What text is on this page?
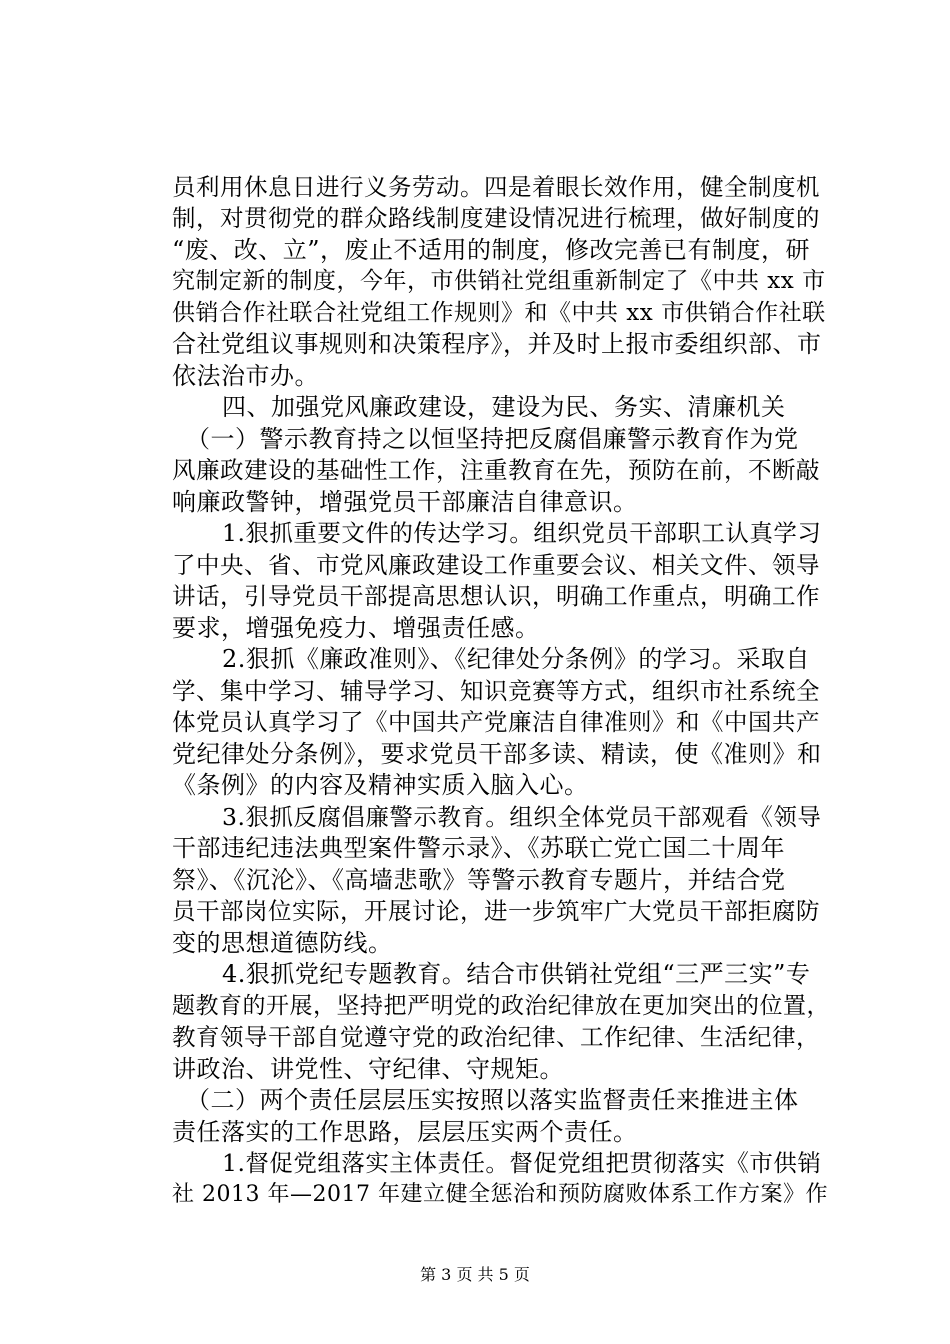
员利用休息日进行义务劳动。四是着眼长效作用，健全制度机
制，对贯彻党的群众路线制度建设情况进行梳理，做好制度的
“废、改、立”，废止不适用的制度，修改完善已有制度，研
究制定新的制度，今年，市供销社党组重新制定了《中共 xx 市
供销合作社联合社党组工作规则》和《中共 xx 市供销合作社联
合社党组议事规则和决策程序》，并及时上报市委组织部、市
依法治市办。
四、加强党风廉政建设，建设为民、务实、清廉机关
（一）警示教育持之以恒坚持把反腐倡廉警示教育作为党
风廉政建设的基础性工作，注重教育在先，预防在前，不断敲
响廉政警钟，增强党员干部廉洁自律意识。
1.狠抓重要文件的传达学习。组织党员干部职工认真学习
了中央、省、市党风廉政建设工作重要会议、相关文件、领导
讲话，引导党员干部提高思想认识，明确工作重点，明确工作
要求，增强免疫力、增强责任感。
2.狠抓《廉政准则》、《纪律处分条例》的学习。采取自
学、集中学习、辅导学习、知识竞赛等方式，组织市社系统全
体党员认真学习了《中国共产党廉洁自律准则》和《中国共产
党纪律处分条例》，要求党员干部多读、精读，使《准则》和
《条例》的内容及精神实质入脑入心。
3.狠抓反腐倡廉警示教育。组织全体党员干部观看《领导
干部违纪违法典型案件警示录》、《苏联亡党亡国二十周年
祭》、《沉沦》、《高墙悲歌》等警示教育专题片，并结合党
员干部岗位实际，开展讨论，进一步筑牢广大党员干部拒腐防
变的思想道德防线。
4.狠抓党纪专题教育。结合市供销社党组“三严三实”专
题教育的开展，坚持把严明党的政治纪律放在更加突出的位置，
教育领导干部自觉遵守党的政治纪律、工作纪律、生活纪律，
讲政治、讲党性、守纪律、守规矩。
（二）两个责任层层压实按照以落实监督责任来推进主体
责任落实的工作思路，层层压实两个责任。
1.督促党组落实主体责任。督促党组把贯彻落实《市供销
社 2013 年—2017 年建立健全惩治和预防腐败体系工作方案》作
第 3 页 共 5 页
